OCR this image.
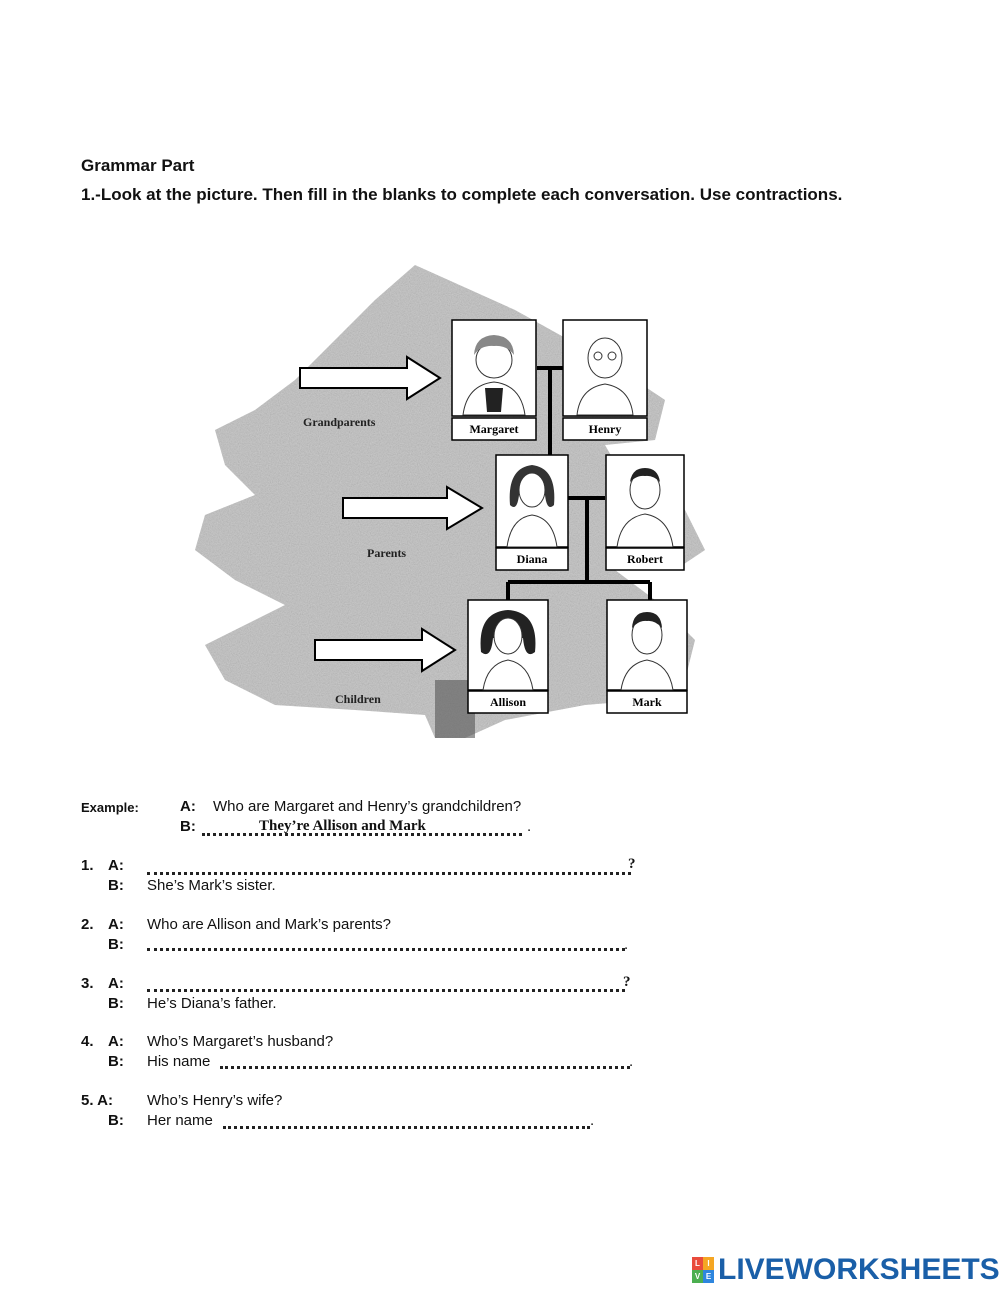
Grammar Part
1.-Look at the picture. Then fill in the blanks to complete each conversation. Use contractions.
Grandparents
Parents
Children
Margaret	Henry
Diana	Robert
Allison	Mark
Example:	A: Who are Margaret and Henry’s grandchildren?
B:	They’re Allison and Mark	.
1. A:	?
B: She’s Mark’s sister.
2. A: Who are Allison and Mark’s parents?
B:	.
3. A:	?
B: He’s Diana’s father.
4. A: Who’s Margaret’s husband?
B: His name	.
5. A: Who’s Henry’s wife?
B: Her name	.
L I
V E LIVEWORKSHEETS
